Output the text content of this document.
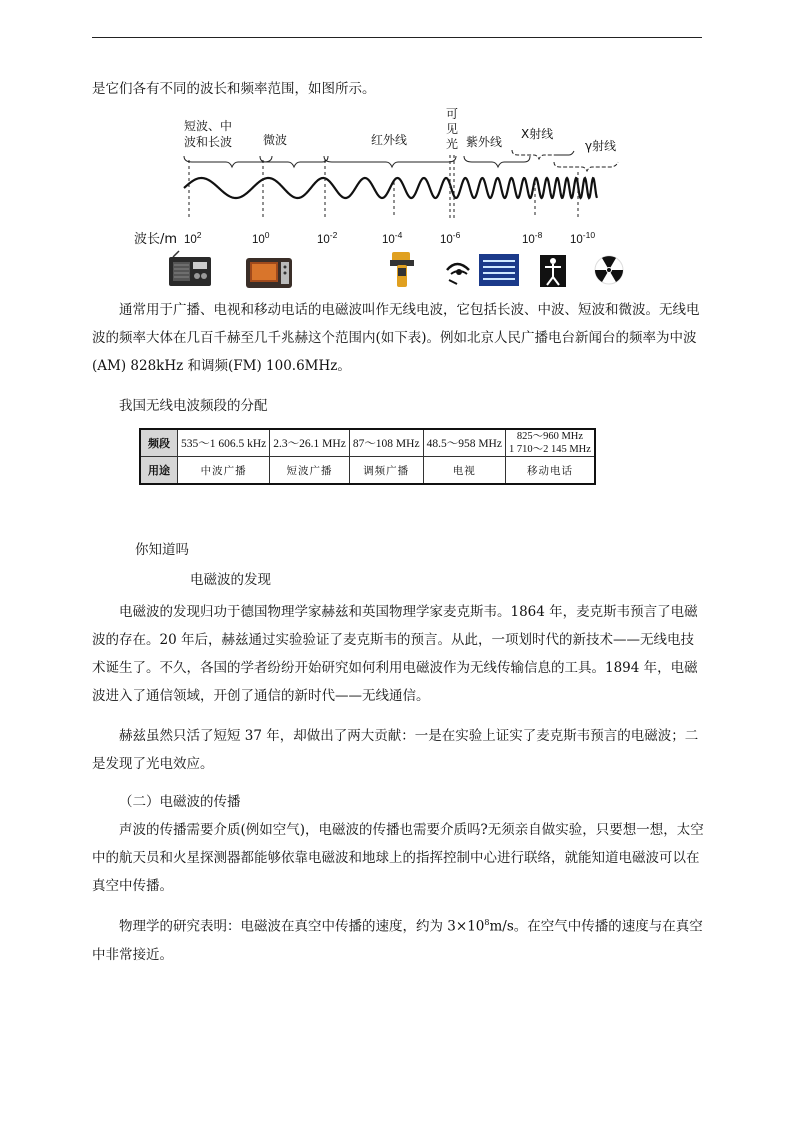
是它们各有不同的波长和频率范围，如图所示。
短波、中
波和长波	微波	红外线
可
见
光 紫外线
X射线
γ射线
波长/m $10^2$	$10^0$	$10^{-2}$	$10^{-4}$	$10^{-6}$	$10^{-8}$ $10^{-10}$
通常用于广播、电视和移动电话的电磁波叫作无线电波，它包括长波、中波、短波和微波。无线电波的频率大体在几百千赫至几千兆赫这个范围内(如下表)。例如北京人民广播电台新闻台的频率为中波(AM) 828kHz 和调频(FM) 100.6MHz。
我国无线电波频段的分配
频段	535～1 606.5 kHz	2.3～26.1 MHz	87～108 MHz	48.5～958 MHz	825～960 MHz
1 710～2 145 MHz

用途	中波广播	短波广播	调频广播	电视	移动电话
你知道吗
电磁波的发现
电磁波的发现归功于德国物理学家赫兹和英国物理学家麦克斯韦。1864 年，麦克斯韦预言了电磁波的存在。20 年后，赫兹通过实验验证了麦克斯韦的预言。从此，一项划时代的新技术——无线电技术诞生了。不久，各国的学者纷纷开始研究如何利用电磁波作为无线传输信息的工具。1894 年，电磁波进入了通信领域，开创了通信的新时代——无线通信。
赫兹虽然只活了短短 37 年，却做出了两大贡献：一是在实验上证实了麦克斯韦预言的电磁波；二是发现了光电效应。
（二）电磁波的传播
声波的传播需要介质(例如空气)，电磁波的传播也需要介质吗?无须亲自做实验，只要想一想，太空中的航天员和火星探测器都能够依靠电磁波和地球上的指挥控制中心进行联络，就能知道电磁波可以在真空中传播。
物理学的研究表明：电磁波在真空中传播的速度，约为 $3\times 10^8m/s$。在空气中传播的速度与在真空中非常接近。
